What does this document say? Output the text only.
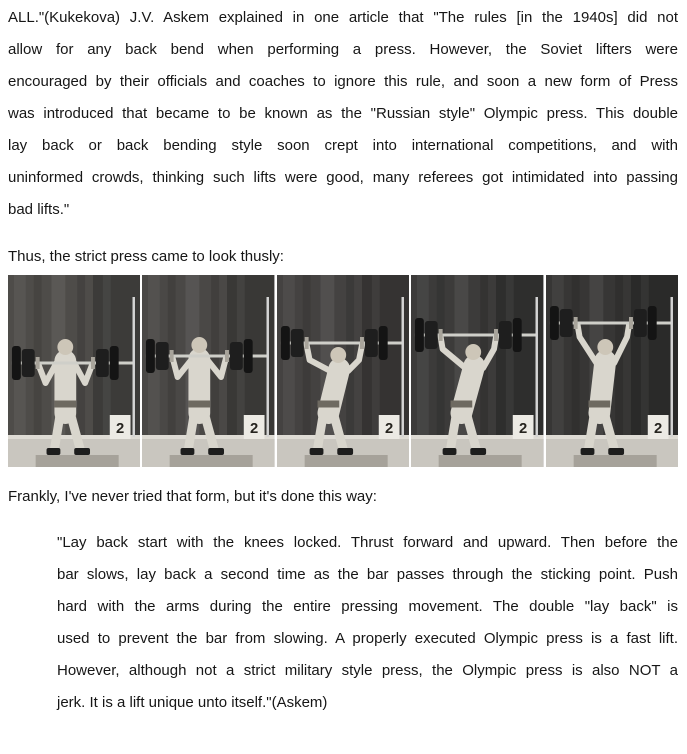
ALL."(Kukekova) J.V. Askem explained in one article that "The rules [in the 1940s] did not
allow for any back bend when performing a press. However, the Soviet lifters were
encouraged by their officials and coaches to ignore this rule, and soon a new form of Press
was introduced that became to be known as the "Russian style" Olympic press. This double
lay back or back bending style soon crept into international competitions, and with
uninformed crowds, thinking such lifts were good, many referees got intimidated into passing
bad lifts."
Thus, the strict press came to look thusly:
2	2	2	2	2
Frankly, I've never tried that form, but it's done this way:
"Lay back start with the knees locked. Thrust forward and upward. Then before the
bar slows, lay back a second time as the bar passes through the sticking point. Push
hard with the arms during the entire pressing movement. The double "lay back" is
used to prevent the bar from slowing. A properly executed Olympic press is a fast lift.
However, although not a strict military style press, the Olympic press is also NOT a
jerk. It is a lift unique unto itself."(Askem)
